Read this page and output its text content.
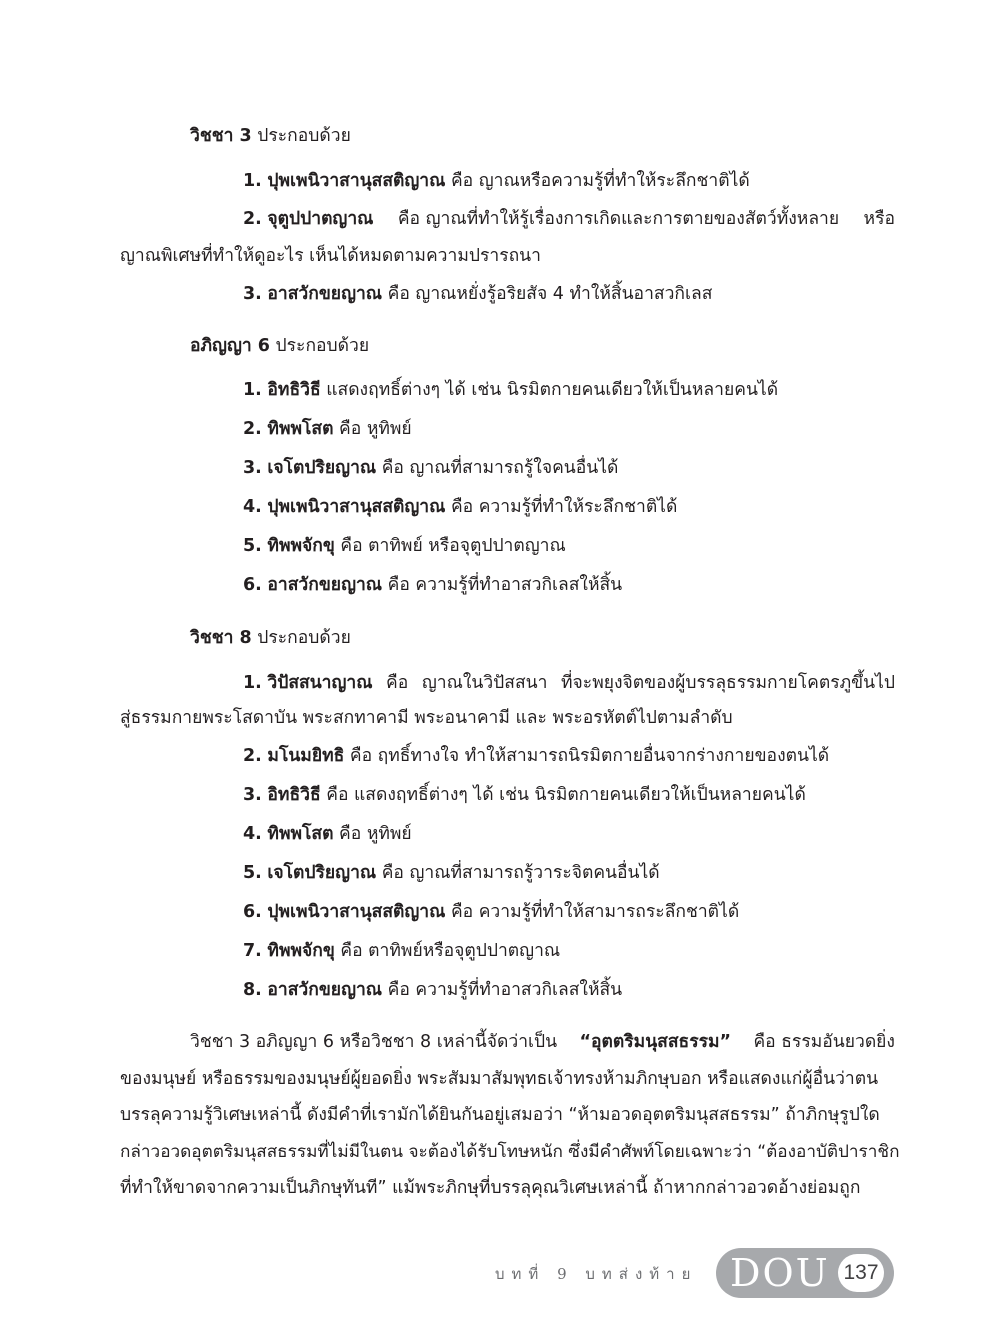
วิชชา 3 ประกอบด้วย
1. ปุพเพนิวาสานุสสติญาณ คือ ญาณหรือความรู้ที่ทำให้ระลึกชาติได้
2. จุตูปปาตญาณ คือ ญาณที่ทำให้รู้เรื่องการเกิดและการตายของสัตว์ทั้งหลาย หรือ
ญาณพิเศษที่ทำให้ดูอะไร เห็นได้หมดตามความปรารถนา
3. อาสวักขยญาณ คือ ญาณหยั่งรู้อริยสัจ 4 ทำให้สิ้นอาสวกิเลส
อภิญญา 6 ประกอบด้วย
1. อิทธิวิธี แสดงฤทธิ์ต่างๆ ได้ เช่น นิรมิตกายคนเดียวให้เป็นหลายคนได้
2. ทิพพโสต คือ หูทิพย์
3. เจโตปริยญาณ คือ ญาณที่สามารถรู้ใจคนอื่นได้
4. ปุพเพนิวาสานุสสติญาณ คือ ความรู้ที่ทำให้ระลึกชาติได้
5. ทิพพจักขุ คือ ตาทิพย์ หรือจุตูปปาตญาณ
6. อาสวักขยญาณ คือ ความรู้ที่ทำอาสวกิเลสให้สิ้น
วิชชา 8 ประกอบด้วย
1. วิปัสสนาญาณ คือ ญาณในวิปัสสนา ที่จะพยุงจิตของผู้บรรลุธรรมกายโคตรภูขึ้นไป
สู่ธรรมกายพระโสดาบัน พระสกทาคามี พระอนาคามี และ พระอรหัตต์ไปตามลำดับ
2. มโนมยิทธิ คือ ฤทธิ์ทางใจ ทำให้สามารถนิรมิตกายอื่นจากร่างกายของตนได้
3. อิทธิวิธี คือ แสดงฤทธิ์ต่างๆ ได้ เช่น นิรมิตกายคนเดียวให้เป็นหลายคนได้
4. ทิพพโสต คือ หูทิพย์
5. เจโตปริยญาณ คือ ญาณที่สามารถรู้วาระจิตคนอื่นได้
6. ปุพเพนิวาสานุสสติญาณ คือ ความรู้ที่ทำให้สามารถระลึกชาติได้
7. ทิพพจักขุ คือ ตาทิพย์หรือจุตูปปาตญาณ
8. อาสวักขยญาณ คือ ความรู้ที่ทำอาสวกิเลสให้สิ้น
วิชชา 3 อภิญญา 6 หรือวิชชา 8 เหล่านี้จัดว่าเป็น “อุตตริมนุสสธรรม” คือ ธรรมอันยวดยิ่ง
ของมนุษย์ หรือธรรมของมนุษย์ผู้ยอดยิ่ง พระสัมมาสัมพุทธเจ้าทรงห้ามภิกษุบอก หรือแสดงแก่ผู้อื่นว่าตน
บรรลุความรู้วิเศษเหล่านี้ ดังมีคำที่เรามักได้ยินกันอยู่เสมอว่า “ห้ามอวดอุตตริมนุสสธรรม” ถ้าภิกษุรูปใด
กล่าวอวดอุตตริมนุสสธรรมที่ไม่มีในตน จะต้องได้รับโทษหนัก ซึ่งมีคำศัพท์โดยเฉพาะว่า “ต้องอาบัติปาราชิก
ที่ทำให้ขาดจากความเป็นภิกษุทันที” แม้พระภิกษุที่บรรลุคุณวิเศษเหล่านี้ ถ้าหากกล่าวอวดอ้างย่อมถูก
บทที่ 9 บทส่งท้าย DOU 137
